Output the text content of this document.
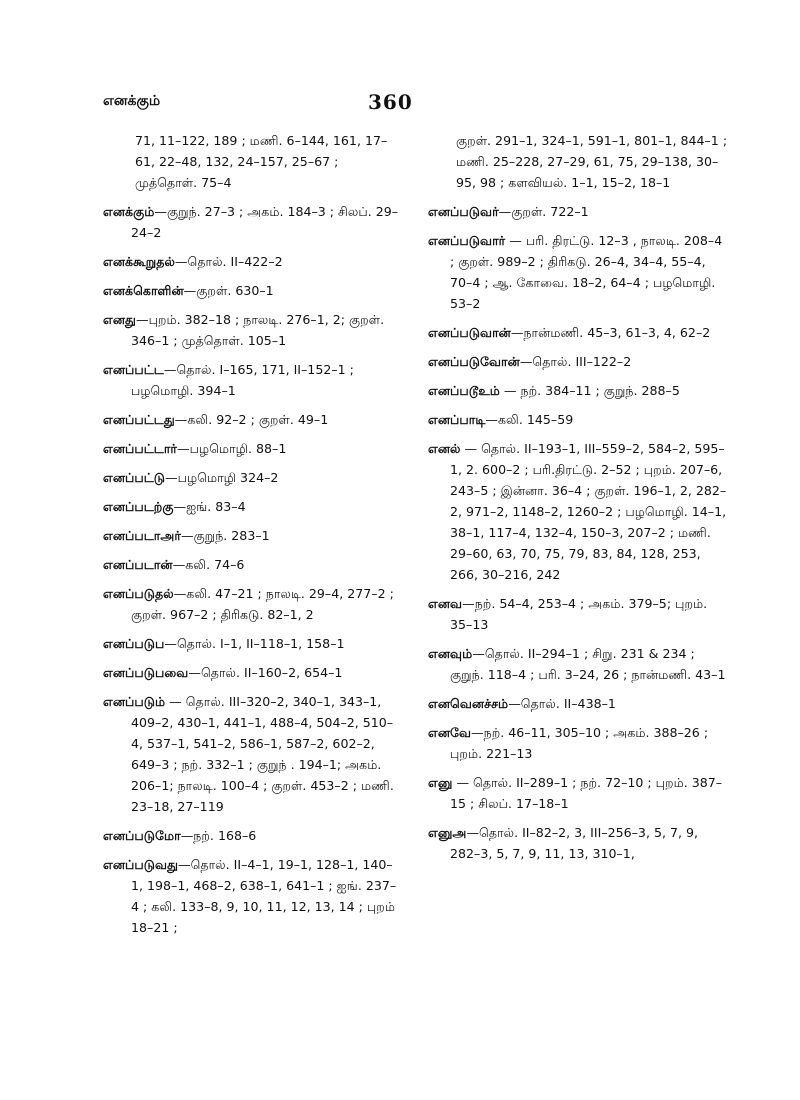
எனக்கும்	360
71, 11–122, 189 ; மணி. 6–144, 161, 17–61, 22–48, 132, 24–157, 25–67 ; முத்தொள். 75–4
எனக்கும்—குறுந். 27–3 ; அகம். 184–3 ; சிலப். 29–24–2
எனக்கூறுதல்—தொல். II–422–2
எனக்கொளின்—குறள். 630–1
எனது—புறம். 382–18 ; நாலடி. 276–1, 2; குறள். 346–1 ; முத்தொள். 105–1
எனப்பட்ட—தொல். I–165, 171, II–152–1 ; பழமொழி. 394–1
எனப்பட்டது—கலி. 92–2 ; குறள். 49–1
எனப்பட்டார்—பழமொழி. 88–1
எனப்பட்டு—பழமொழி 324–2
எனப்படற்கு—ஐங். 83–4
எனப்படாஅர்—குறுந். 283–1
எனப்படான்—கலி. 74–6
எனப்படுதல்—கலி. 47–21 ; நாலடி. 29–4, 277–2 ; குறள். 967–2 ; திரிகடு. 82–1, 2
எனப்படுப—தொல். I–1, II–118–1, 158–1
எனப்படுபவை—தொல். II–160–2, 654–1
எனப்படும் — தொல். III–320–2, 340–1, 343–1, 409–2, 430–1, 441–1, 488–4, 504–2, 510–4, 537–1, 541–2, 586–1, 587–2, 602–2, 649–3 ; நற். 332–1 ; குறுந் . 194–1; அகம். 206–1; நாலடி. 100–4 ; குறள். 453–2 ; மணி. 23–18, 27–119
எனப்படுமோ—நற். 168–6
எனப்படுவது—தொல். II–4–1, 19–1, 128–1, 140–1, 198–1, 468–2, 638–1, 641–1 ; ஐங். 237–4 ; கலி. 133–8, 9, 10, 11, 12, 13, 14 ; புறம் 18–21 ;
குறள். 291–1, 324–1, 591–1, 801–1, 844–1 ; மணி. 25–228, 27–29, 61, 75, 29–138, 30–95, 98 ; களவியல். 1–1, 15–2, 18–1
எனப்படுவர்—குறள். 722–1
எனப்படுவார் — பரி. திரட்டு. 12–3 , நாலடி. 208–4 ; குறள். 989–2 ; திரிகடு. 26–4, 34–4, 55–4, 70–4 ; ஆ. கோவை. 18–2, 64–4 ; பழமொழி. 53–2
எனப்படுவான்—நான்மணி. 45–3, 61–3, 4, 62–2
எனப்படுவோன்—தொல். III–122–2
எனப்படூஉம் — நற். 384–11 ; குறுந். 288–5
எனப்பாடி—கலி. 145–59
எனல் — தொல். II–193–1, III–559–2, 584–2, 595–1, 2. 600–2 ; பரி.திரட்டு. 2–52 ; புறம். 207–6, 243–5 ; இன்னா. 36–4 ; குறள். 196–1, 2, 282–2, 971–2, 1148–2, 1260–2 ; பழமொழி. 14–1, 38–1, 117–4, 132–4, 150–3, 207–2 ; மணி. 29–60, 63, 70, 75, 79, 83, 84, 128, 253, 266, 30–216, 242
எனவ—நற். 54–4, 253–4 ; அகம். 379–5; புறம். 35–13
எனவும்—தொல். II–294–1 ; சிறு. 231 & 234 ; குறுந். 118–4 ; பரி. 3–24, 26 ; நான்மணி. 43–1
எனவெனச்சம்—தொல். II–438–1
எனவே—நற். 46–11, 305–10 ; அகம். 388–26 ; புறம். 221–13
எனு — தொல். II–289–1 ; நற். 72–10 ; புறம். 387–15 ; சிலப். 17–18–1
எனுஅ—தொல். II–82–2, 3, III–256–3, 5, 7, 9, 282–3, 5, 7, 9, 11, 13, 310–1,
